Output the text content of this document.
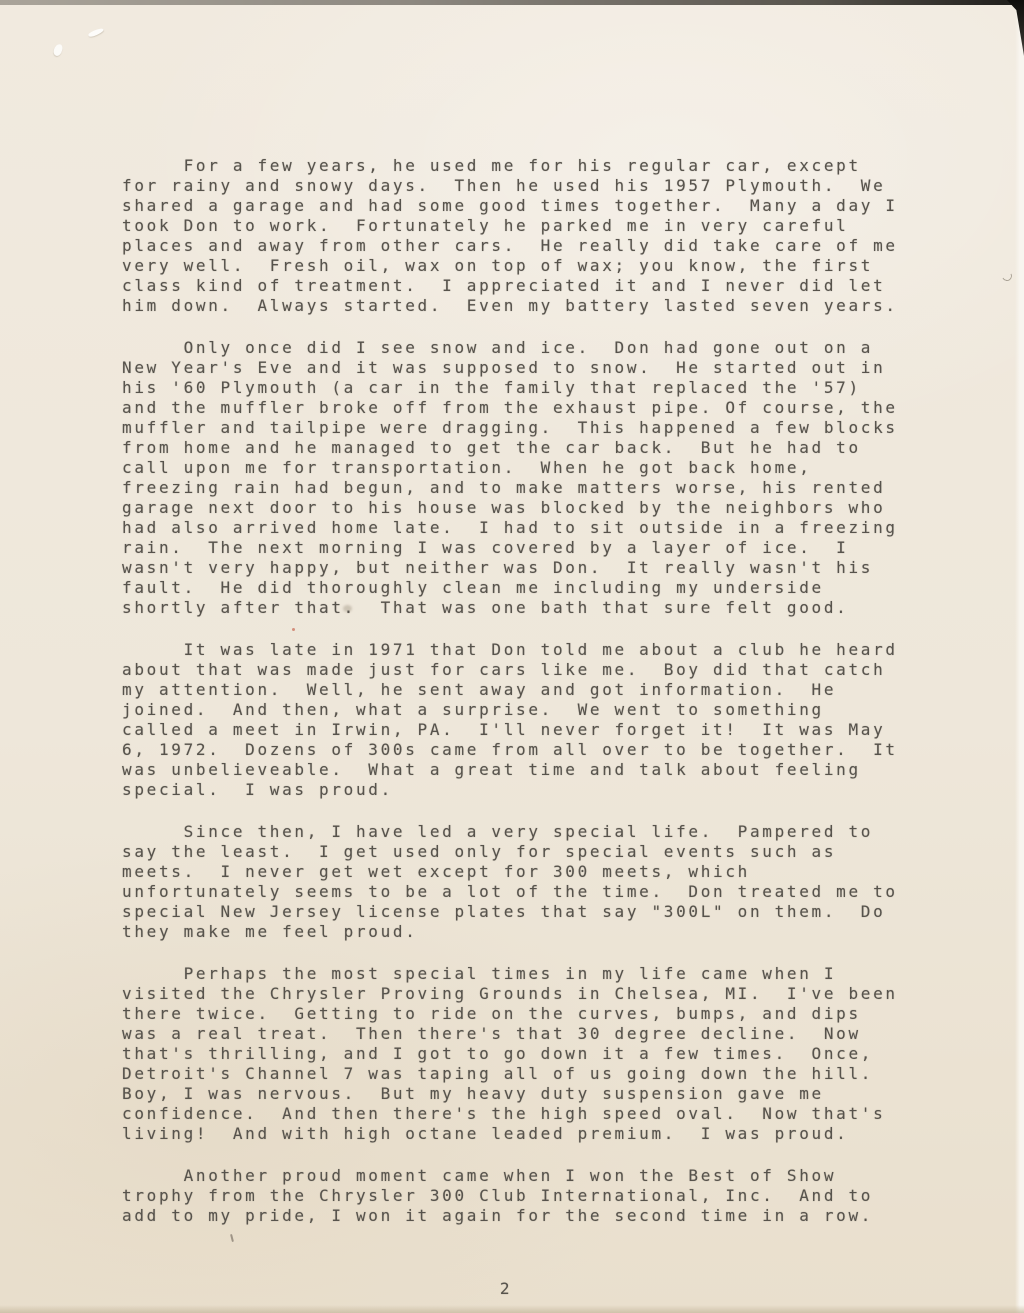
For a few years, he used me for his regular car, except
for rainy and snowy days.  Then he used his 1957 Plymouth.  We
shared a garage and had some good times together.  Many a day I
took Don to work.  Fortunately he parked me in very careful
places and away from other cars.  He really did take care of me
very well.  Fresh oil, wax on top of wax; you know, the first
class kind of treatment.  I appreciated it and I never did let
him down.  Always started.  Even my battery lasted seven years.
Only once did I see snow and ice.  Don had gone out on a
New Year's Eve and it was supposed to snow.  He started out in
his '60 Plymouth (a car in the family that replaced the '57)
and the muffler broke off from the exhaust pipe. Of course, the
muffler and tailpipe were dragging.  This happened a few blocks
from home and he managed to get the car back.  But he had to
call upon me for transportation.  When he got back home,
freezing rain had begun, and to make matters worse, his rented
garage next door to his house was blocked by the neighbors who
had also arrived home late.  I had to sit outside in a freezing
rain.  The next morning I was covered by a layer of ice.  I
wasn't very happy, but neither was Don.  It really wasn't his
fault.  He did thoroughly clean me including my underside
shortly after that.  That was one bath that sure felt good.
It was late in 1971 that Don told me about a club he heard
about that was made just for cars like me.  Boy did that catch
my attention.  Well, he sent away and got information.  He
joined.  And then, what a surprise.  We went to something
called a meet in Irwin, PA.  I'll never forget it!  It was May
6, 1972.  Dozens of 300s came from all over to be together.  It
was unbelieveable.  What a great time and talk about feeling
special.  I was proud.
Since then, I have led a very special life.  Pampered to
say the least.  I get used only for special events such as
meets.  I never get wet except for 300 meets, which
unfortunately seems to be a lot of the time.  Don treated me to
special New Jersey license plates that say "300L" on them.  Do
they make me feel proud.
Perhaps the most special times in my life came when I
visited the Chrysler Proving Grounds in Chelsea, MI.  I've been
there twice.  Getting to ride on the curves, bumps, and dips
was a real treat.  Then there's that 30 degree decline.  Now
that's thrilling, and I got to go down it a few times.  Once,
Detroit's Channel 7 was taping all of us going down the hill.
Boy, I was nervous.  But my heavy duty suspension gave me
confidence.  And then there's the high speed oval.  Now that's
living!  And with high octane leaded premium.  I was proud.
Another proud moment came when I won the Best of Show
trophy from the Chrysler 300 Club International, Inc.  And to
add to my pride, I won it again for the second time in a row.
2
